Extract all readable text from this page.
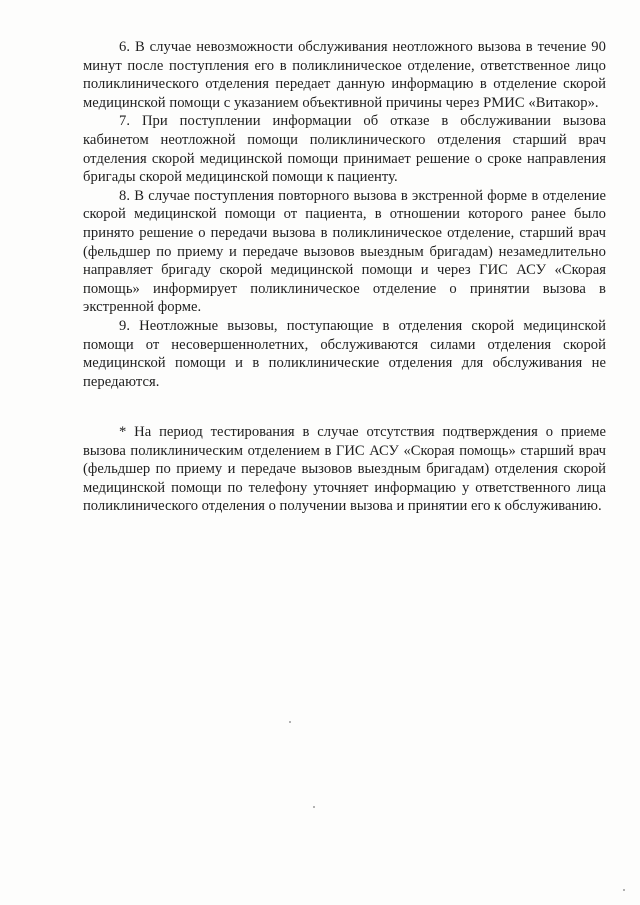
6. В случае невозможности обслуживания неотложного вызова в течение 90 минут после поступления его в поликлиническое отделение, ответственное лицо поликлинического отделения передает данную информацию в отделение скорой медицинской помощи с указанием объективной причины через РМИС «Витакор».

7. При поступлении информации об отказе в обслуживании вызова кабинетом неотложной помощи поликлинического отделения старший врач отделения скорой медицинской помощи принимает решение о сроке направления бригады скорой медицинской помощи к пациенту.

8. В случае поступления повторного вызова в экстренной форме в отделение скорой медицинской помощи от пациента, в отношении которого ранее было принято решение о передачи вызова в поликлиническое отделение, старший врач (фельдшер по приему и передаче вызовов выездным бригадам) незамедлительно направляет бригаду скорой медицинской помощи и через ГИС АСУ «Скорая помощь» информирует поликлиническое отделение о принятии вызова в экстренной форме.

9. Неотложные вызовы, поступающие в отделения скорой медицинской помощи от несовершеннолетних, обслуживаются силами отделения скорой медицинской помощи и в поликлинические отделения для обслуживания не передаются.

* На период тестирования в случае отсутствия подтверждения о приеме вызова поликлиническим отделением в ГИС АСУ «Скорая помощь» старший врач (фельдшер по приему и передаче вызовов выездным бригадам) отделения скорой медицинской помощи по телефону уточняет информацию у ответственного лица поликлинического отделения о получении вызова и принятии его к обслуживанию.
